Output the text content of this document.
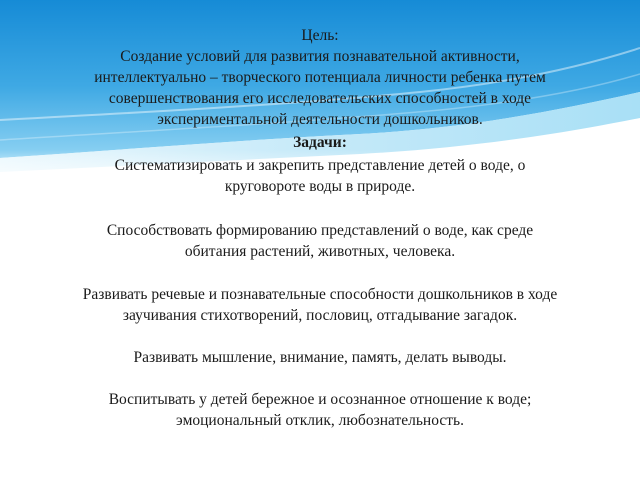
Цель:

Создание условий для развития познавательной активности,

интеллектуально – творческого потенциала личности ребенка путем

совершенствования его исследовательских способностей в ходе

экспериментальной деятельности дошкольников.

Задачи:

Систематизировать и закрепить представление детей о воде, о

круговороте воды в природе.

Способствовать формированию представлений о воде, как среде

обитания растений, животных, человека.

Развивать речевые и познавательные способности дошкольников в ходе

заучивания стихотворений, пословиц, отгадывание загадок.

Развивать мышление, внимание, память, делать выводы.

Воспитывать у детей бережное и осознанное отношение к воде;

эмоциональный отклик, любознательность.
